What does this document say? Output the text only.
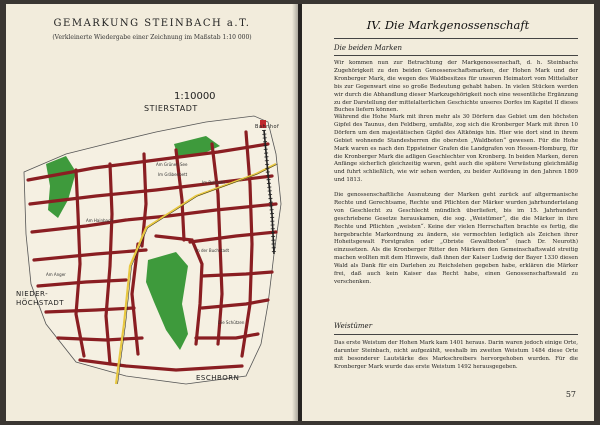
GEMARKUNG STEINBACH a.T.
(Verkleinerte Wiedergabe einer Zeichnung im Maßstab 1:10 000)
1:10000
STIERSTADT
Bahnhof
NIEDER-
HÖCHSTADT
ESCHBORN
Am Grünen See
Im Gräbenbett
Im Rohbehl
Am Hainbach
In der Buchstadt
Am Anger
Die Schützen
IV. Die Markgenossenschaft
Die beiden Marken
Wir kommen nun zur Betrachtung der Markgenossenschaft, d. h. Steinbachs Zugehörigkeit zu den beiden Genossenschaftsmarken, der Hohen Mark und der Kronberger Mark, die wegen des Waldbesitzes für unseren Heimatort vom Mittelalter bis zur Gegenwart eine so große Bedeutung gehabt haben. In vielen Stücken werden wir durch die Abhandlung dieser Markzugehörigkeit noch eine wesentliche Ergänzung zu der Darstellung der mittelalterlichen Geschichte unseres Dorfes im Kapitel II dieses Buches liefern können.
Während die Hohe Mark mit ihren mehr als 30 Dörfern das Gebiet um den höchsten Gipfel des Taunus, den Feldberg, umfaßte, zog sich die Kronberger Mark mit ihren 10 Dörfern um den majestätischen Gipfel des Altkönigs hin. Hier wie dort sind in ihrem Gebiet wohnende Standesherren die obersten „Waldboten“ gewesen. Für die Hohe Mark waren es nach den Eppsteiner Grafen die Landgrafen von Hessen-Homburg, für die Kronberger Mark die adligen Geschlechter von Kronberg. In beiden Marken, deren Anfänge sicherlich gleichzeitig waren, geht auch die spätere Verwüstung gleichmäßig und fuhrt schließlich, wie wir sehen werden, zu beider Auflösung in den Jahren 1809 und 1813.
Die genossenschaftliche Ausnutzung der Marken geht zurück auf altgermanische Rechte und Gerechtsame, Rechte und Pflichten der Märker wurden jahrhundertelang von Geschlecht zu Geschlecht mündlich überliefert, bis im 15. Jahrhundert geschriebene Gesetze herauskamen, die sog. „Weistümer“, die die Märker in ihre Rechte und Pflichten „weisten“. Keine der vielen Herrschaften brachte es fertig, die hergebrachte Markordnung zu ändern, sie vermochten lediglich als Zeichen ihrer Hoheitsgewalt Forstgrafen oder „Obriste Gewaltboten“ (nach Dr. Neuroth) einzusetzen. Als die Kronberger Ritter den Märkern den Gemeinschaftswald streitig machen wollten mit dem Hinweis, daß ihnen der Kaiser Ludwig der Bayer 1330 diesen Wald als Dank für ein Darlehen zu Reichslehen gegeben habe, erklären die Märker frei, daß auch kein Kaiser das Recht habe, einen Genossenschaftswald zu verschenken.
Weistümer
Das erste Weistum der Hohen Mark kam 1401 heraus. Darin waren jedoch einige Orte, darunter Steinbach, nicht aufgezählt, weshalb im zweiten Weistum 1484 diese Orte mit besonderer Lautstärke des Markschreibers hervorgehoben wurden. Für die Kronberger Mark wurde das erste Weistum 1492 herausgegeben.
57
